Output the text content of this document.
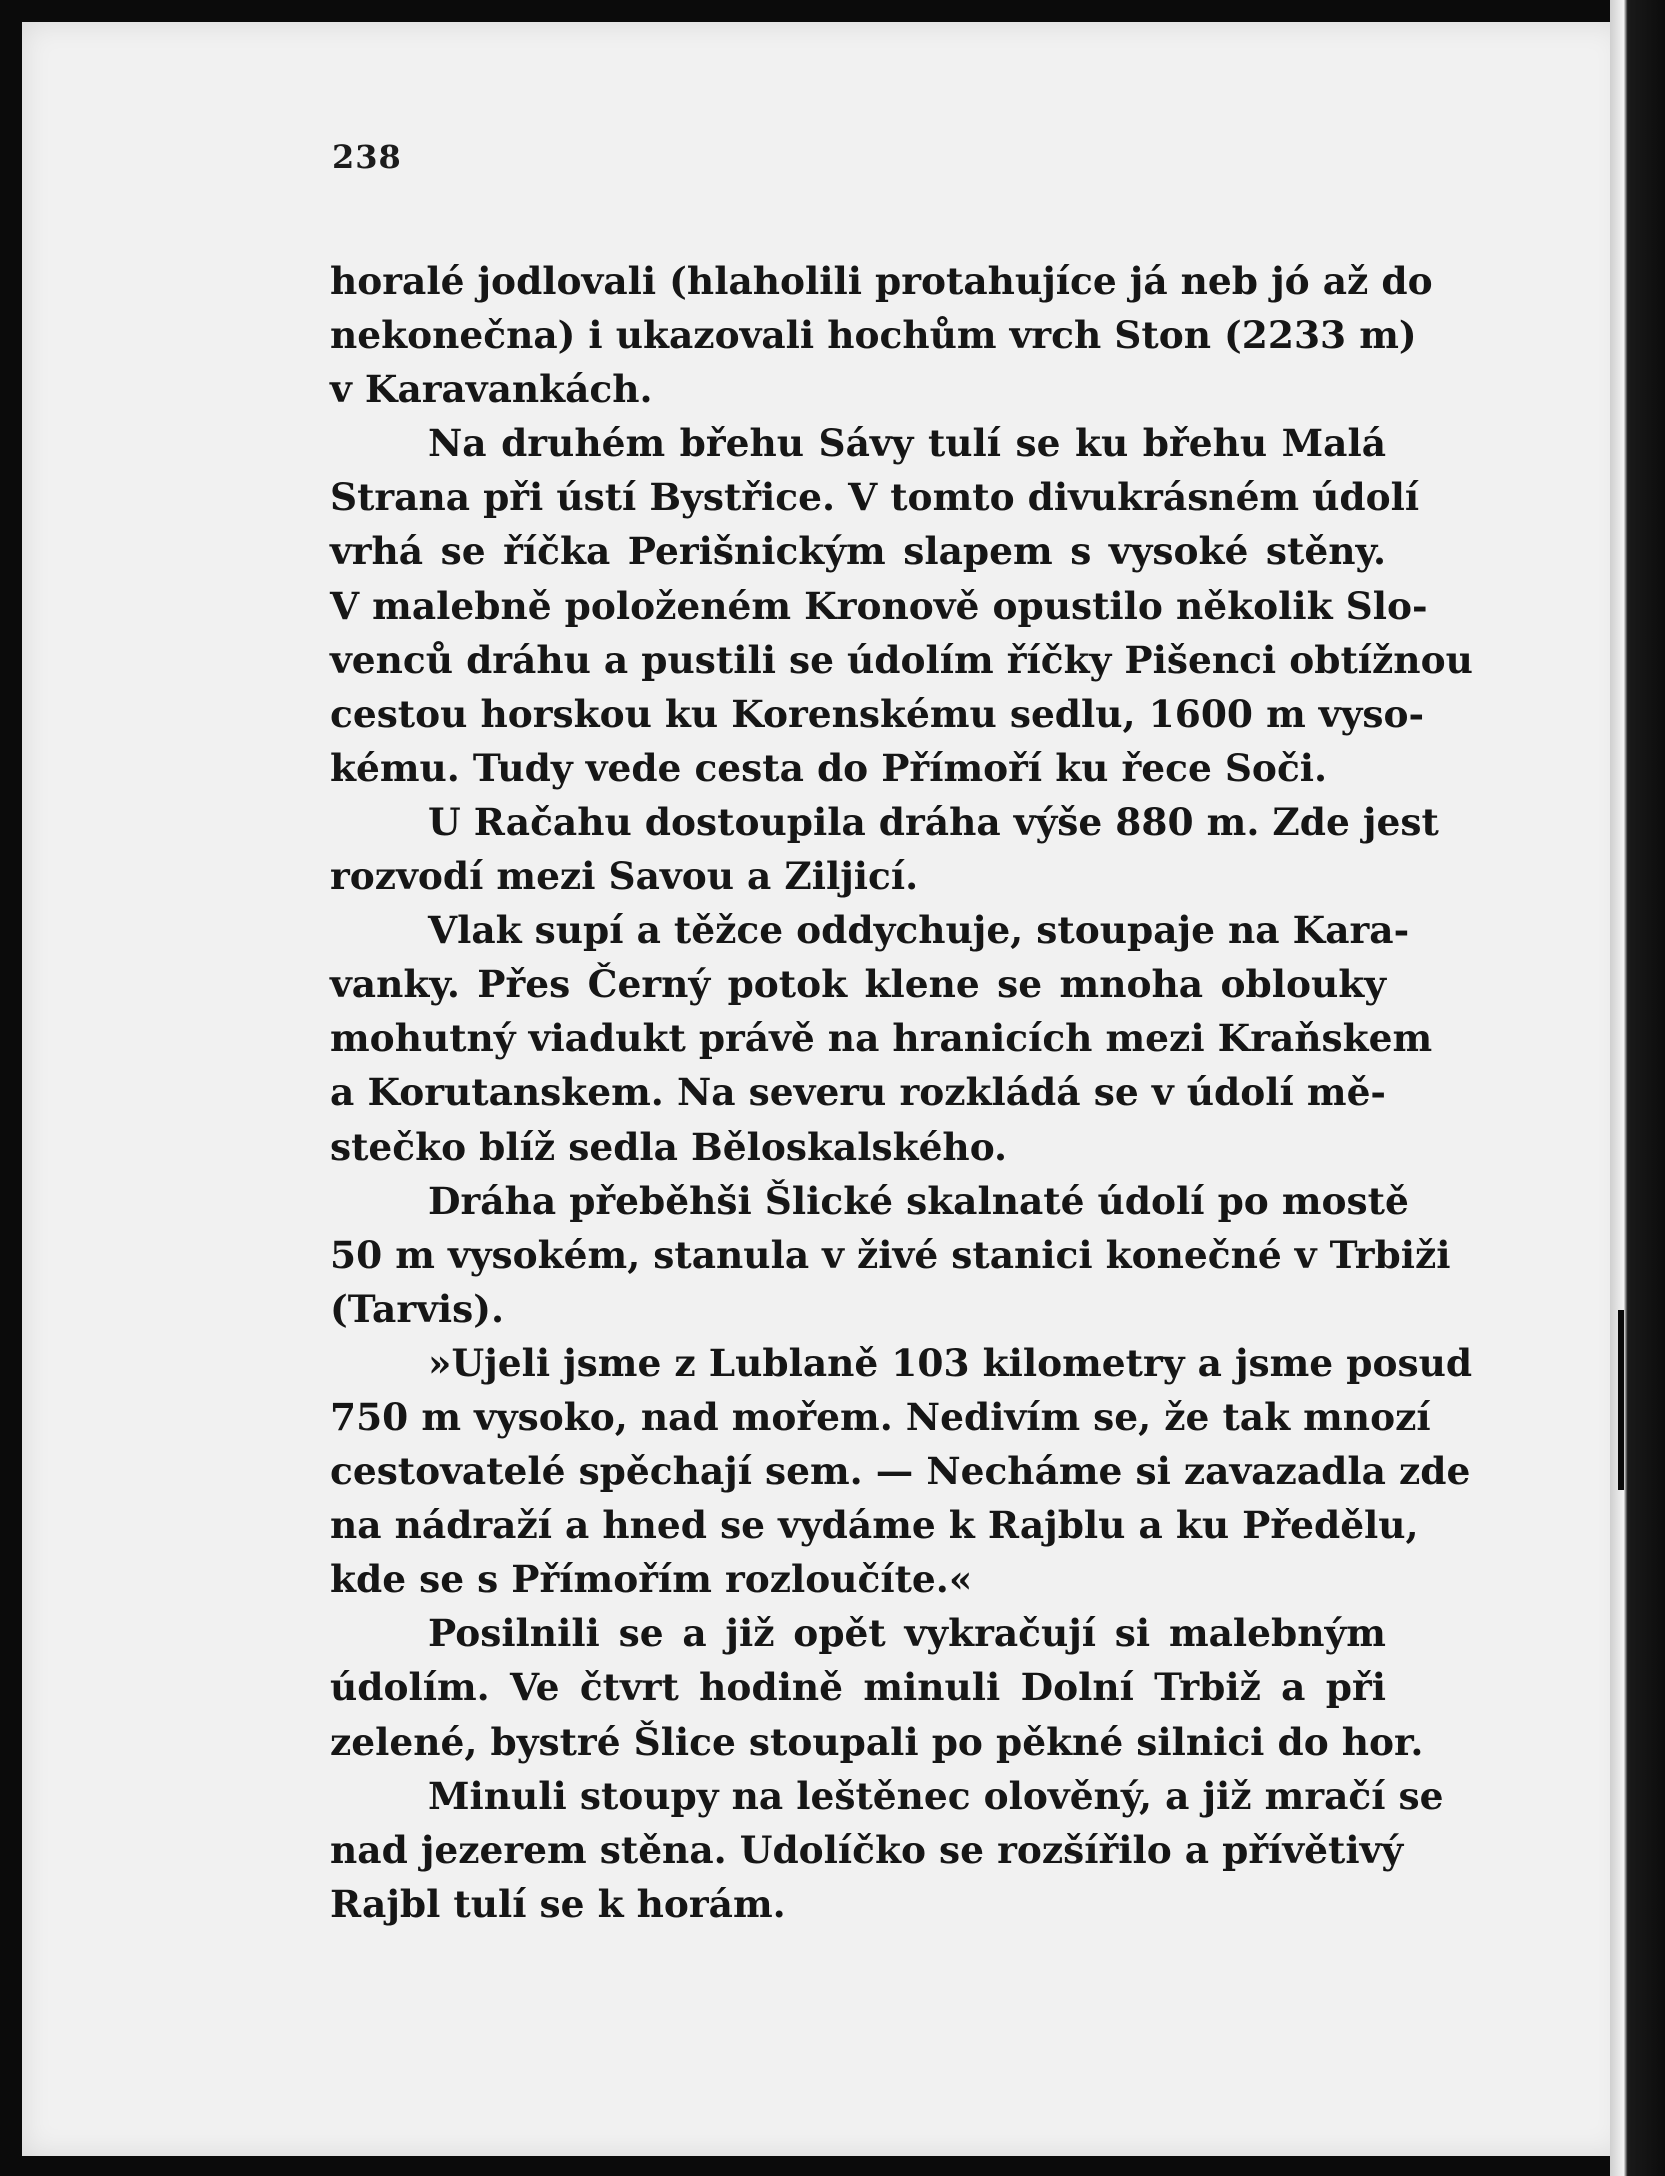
238
horalé jodlovali (hlaholili protahujíce já neb jó až do
nekonečna) i ukazovali hochům vrch Ston (2233 m)
v Karavankách.
Na druhém břehu Sávy tulí se ku břehu Malá
Strana při ústí Bystřice. V tomto divukrásném údolí
vrhá se říčka Perišnickým slapem s vysoké stěny.
V malebně položeném Kronově opustilo několik Slo-
venců dráhu a pustili se údolím říčky Pišenci obtížnou
cestou horskou ku Korenskému sedlu, 1600 m vyso-
kému. Tudy vede cesta do Přímoří ku řece Soči.
U Račahu dostoupila dráha výše 880 m. Zde jest
rozvodí mezi Savou a Ziljicí.
Vlak supí a těžce oddychuje, stoupaje na Kara-
vanky. Přes Černý potok klene se mnoha oblouky
mohutný viadukt právě na hranicích mezi Kraňskem
a Korutanskem. Na severu rozkládá se v údolí mě-
stečko blíž sedla Běloskalského.
Dráha přeběhši Šlické skalnaté údolí po mostě
50 m vysokém, stanula v živé stanici konečné v Trbiži
(Tarvis).
»Ujeli jsme z Lublaně 103 kilometry a jsme posud
750 m vysoko, nad mořem. Nedivím se, že tak mnozí
cestovatelé spěchají sem. — Necháme si zavazadla zde
na nádraží a hned se vydáme k Rajblu a ku Předělu,
kde se s Přímořím rozloučíte.«
Posilnili se a již opět vykračují si malebným
údolím. Ve čtvrt hodině minuli Dolní Trbiž a při
zelené, bystré Šlice stoupali po pěkné silnici do hor.
Minuli stoupy na leštěnec olověný, a již mračí se
nad jezerem stěna. Udolíčko se rozšířilo a přívětivý
Rajbl tulí se k horám.
